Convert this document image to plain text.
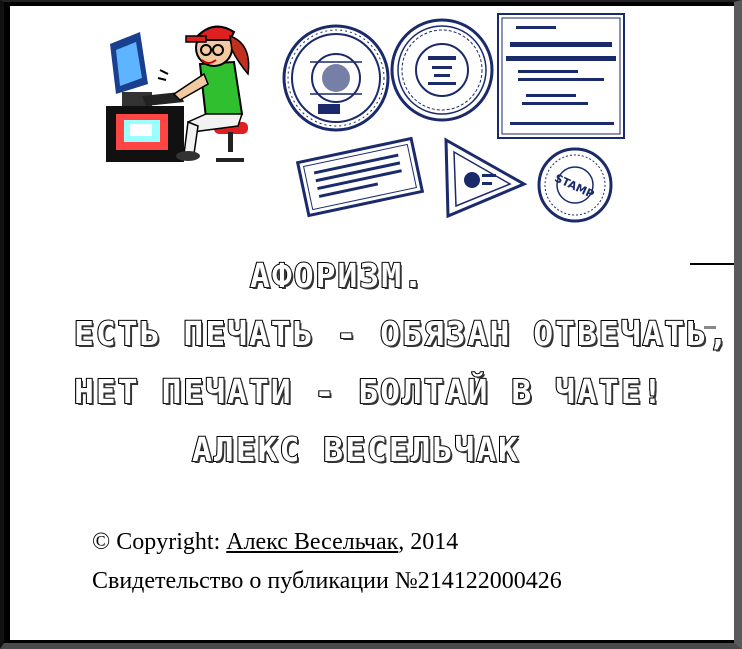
STAMP
АФОРИЗМ.
ЕСТЬ ПЕЧАТЬ - ОБЯЗАН ОТВЕЧАТЬ,
НЕТ ПЕЧАТИ - БОЛТАЙ В ЧАТЕ!
АЛЕКС ВЕСЕЛЬЧАК
© Copyright: Алекс Весельчак, 2014
Свидетельство о публикации №214122000426
